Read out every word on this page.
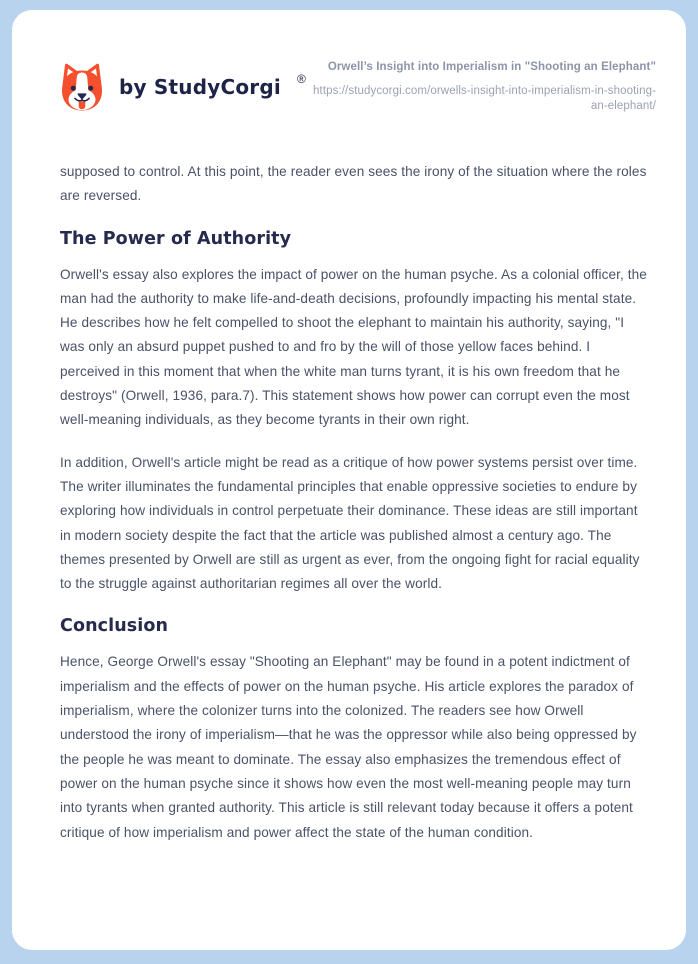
by StudyCorgi ®
Orwell’s Insight into Imperialism in "Shooting an Elephant"
https://studycorgi.com/orwells-insight-into-imperialism-in-shooting-an-elephant/

supposed to control. At this point, the reader even sees the irony of the situation where the roles are reversed.

The Power of Authority

Orwell's essay also explores the impact of power on the human psyche. As a colonial officer, the man had the authority to make life-and-death decisions, profoundly impacting his mental state. He describes how he felt compelled to shoot the elephant to maintain his authority, saying, "I was only an absurd puppet pushed to and fro by the will of those yellow faces behind. I perceived in this moment that when the white man turns tyrant, it is his own freedom that he destroys" (Orwell, 1936, para.7). This statement shows how power can corrupt even the most well-meaning individuals, as they become tyrants in their own right.

In addition, Orwell's article might be read as a critique of how power systems persist over time. The writer illuminates the fundamental principles that enable oppressive societies to endure by exploring how individuals in control perpetuate their dominance. These ideas are still important in modern society despite the fact that the article was published almost a century ago. The themes presented by Orwell are still as urgent as ever, from the ongoing fight for racial equality to the struggle against authoritarian regimes all over the world.

Conclusion

Hence, George Orwell's essay "Shooting an Elephant" may be found in a potent indictment of imperialism and the effects of power on the human psyche. His article explores the paradox of imperialism, where the colonizer turns into the colonized. The readers see how Orwell understood the irony of imperialism—that he was the oppressor while also being oppressed by the people he was meant to dominate. The essay also emphasizes the tremendous effect of power on the human psyche since it shows how even the most well-meaning people may turn into tyrants when granted authority. This article is still relevant today because it offers a potent critique of how imperialism and power affect the state of the human condition.
